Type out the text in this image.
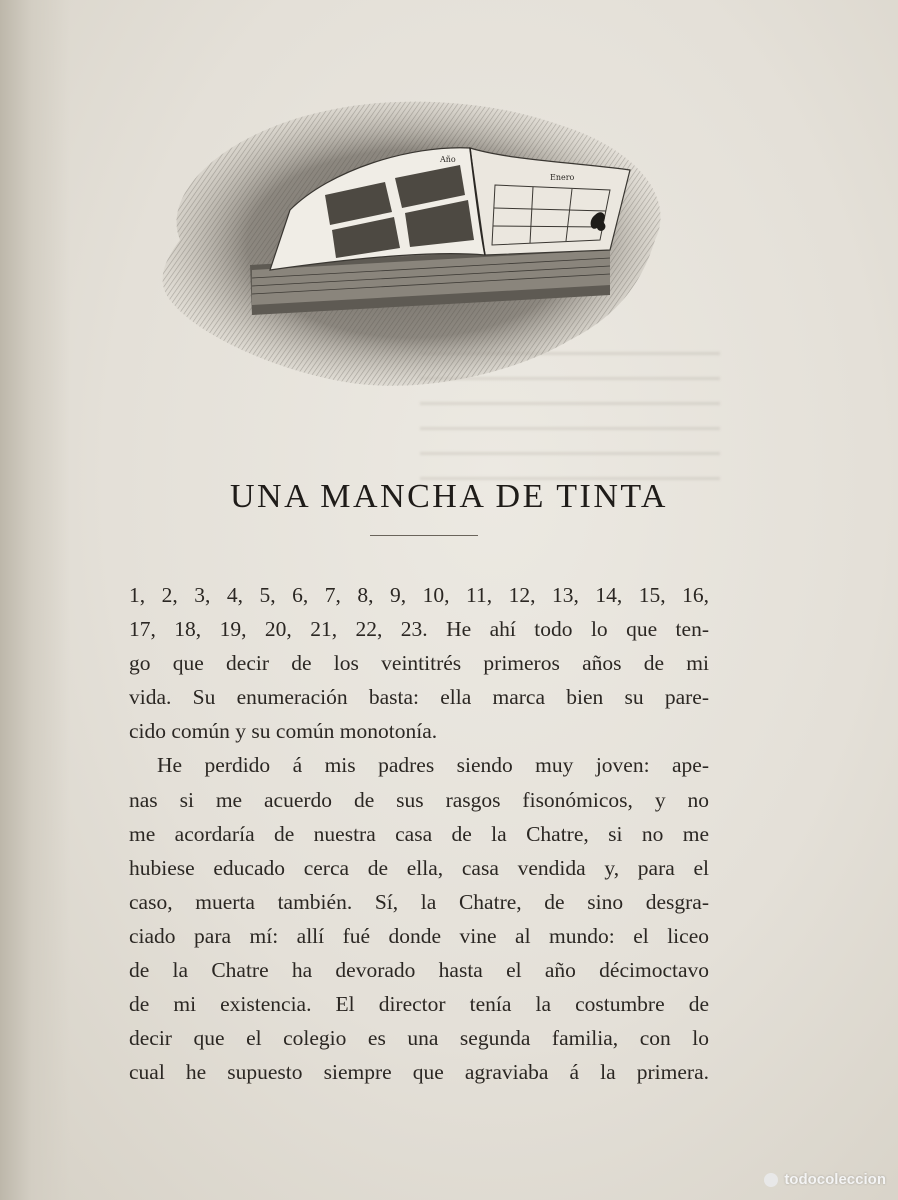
Año
Enero
UNA MANCHA DE TINTA

1, 2, 3, 4, 5, 6, 7, 8, 9, 10, 11, 12, 13, 14, 15, 16,
17, 18, 19, 20, 21, 22, 23. He ahí todo lo que ten-
go que decir de los veintitrés primeros años de mi
vida. Su enumeración basta: ella marca bien su pare-
cido común y su común monotonía.

He perdido á mis padres siendo muy joven: ape-
nas si me acuerdo de sus rasgos fisonómicos, y no
me acordaría de nuestra casa de la Chatre, si no me
hubiese educado cerca de ella, casa vendida y, para el
caso, muerta también. Sí, la Chatre, de sino desgra-
ciado para mí: allí fué donde vine al mundo: el liceo
de la Chatre ha devorado hasta el año décimoctavo
de mi existencia. El director tenía la costumbre de
decir que el colegio es una segunda familia, con lo
cual he supuesto siempre que agraviaba á la primera.

todocoleccion
